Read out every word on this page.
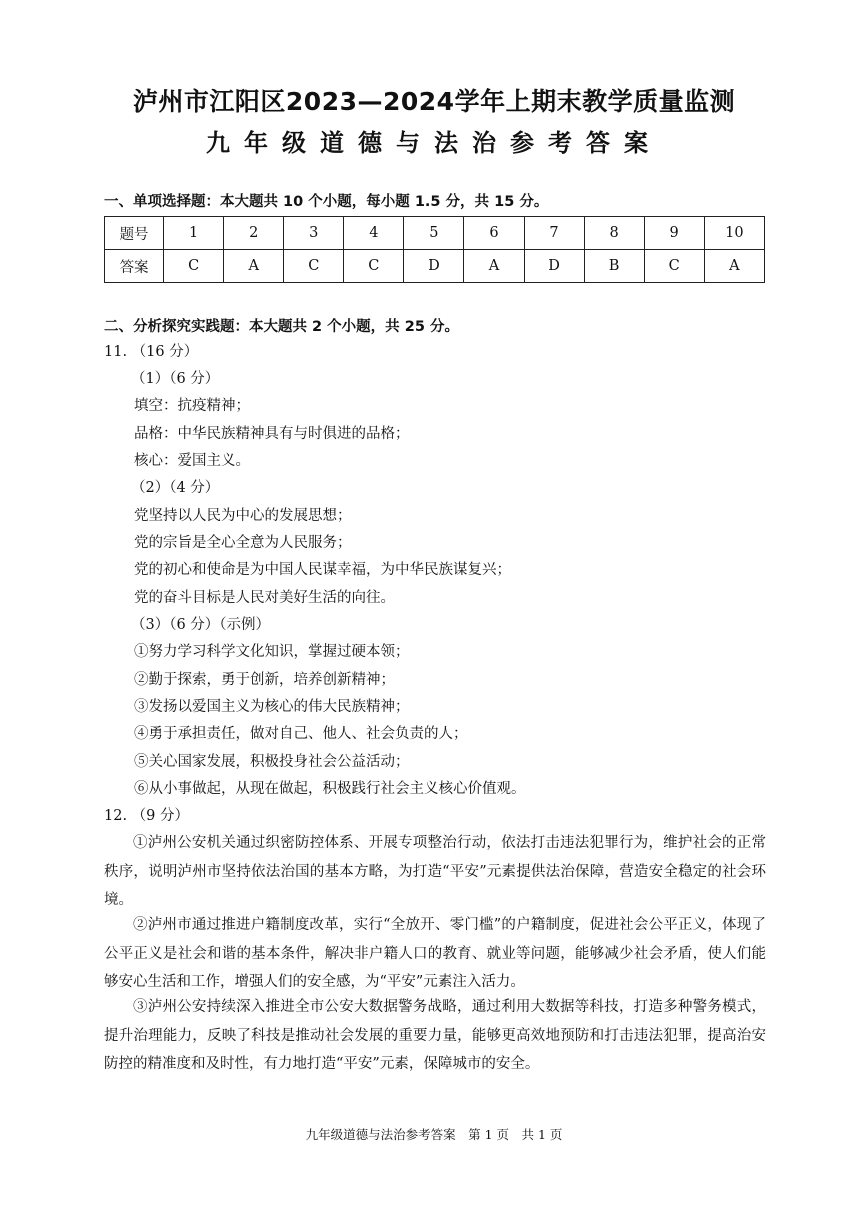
泸州市江阳区2023—2024学年上期末教学质量监测
九年级道德与法治参考答案
一、单项选择题：本大题共 10 个小题，每小题 1.5 分，共 15 分。
题号	1	2	3	4	5	6	7	8	9	10
答案	C	A	C	C	D	A	D	B	C	A
二、分析探究实践题：本大题共 2 个小题，共 25 分。
11. （16 分）
（1）（6 分）
填空：抗疫精神；
品格：中华民族精神具有与时俱进的品格；
核心：爱国主义。
（2）（4 分）
党坚持以人民为中心的发展思想；
党的宗旨是全心全意为人民服务；
党的初心和使命是为中国人民谋幸福，为中华民族谋复兴；
党的奋斗目标是人民对美好生活的向往。
（3）（6 分）（示例）
①努力学习科学文化知识，掌握过硬本领；
②勤于探索，勇于创新，培养创新精神；
③发扬以爱国主义为核心的伟大民族精神；
④勇于承担责任，做对自己、他人、社会负责的人；
⑤关心国家发展，积极投身社会公益活动；
⑥从小事做起，从现在做起，积极践行社会主义核心价值观。
12. （9 分）
①泸州公安机关通过织密防控体系、开展专项整治行动，依法打击违法犯罪行为，维护社会的正常秩序，说明泸州市坚持依法治国的基本方略，为打造“平安”元素提供法治保障，营造安全稳定的社会环境。
②泸州市通过推进户籍制度改革，实行“全放开、零门槛”的户籍制度，促进社会公平正义，体现了公平正义是社会和谐的基本条件，解决非户籍人口的教育、就业等问题，能够减少社会矛盾，使人们能够安心生活和工作，增强人们的安全感，为“平安”元素注入活力。
③泸州公安持续深入推进全市公安大数据警务战略，通过利用大数据等科技，打造多种警务模式，提升治理能力，反映了科技是推动社会发展的重要力量，能够更高效地预防和打击违法犯罪，提高治安防控的精准度和及时性，有力地打造“平安”元素，保障城市的安全。
九年级道德与法治参考答案　第 1 页　共 1 页
